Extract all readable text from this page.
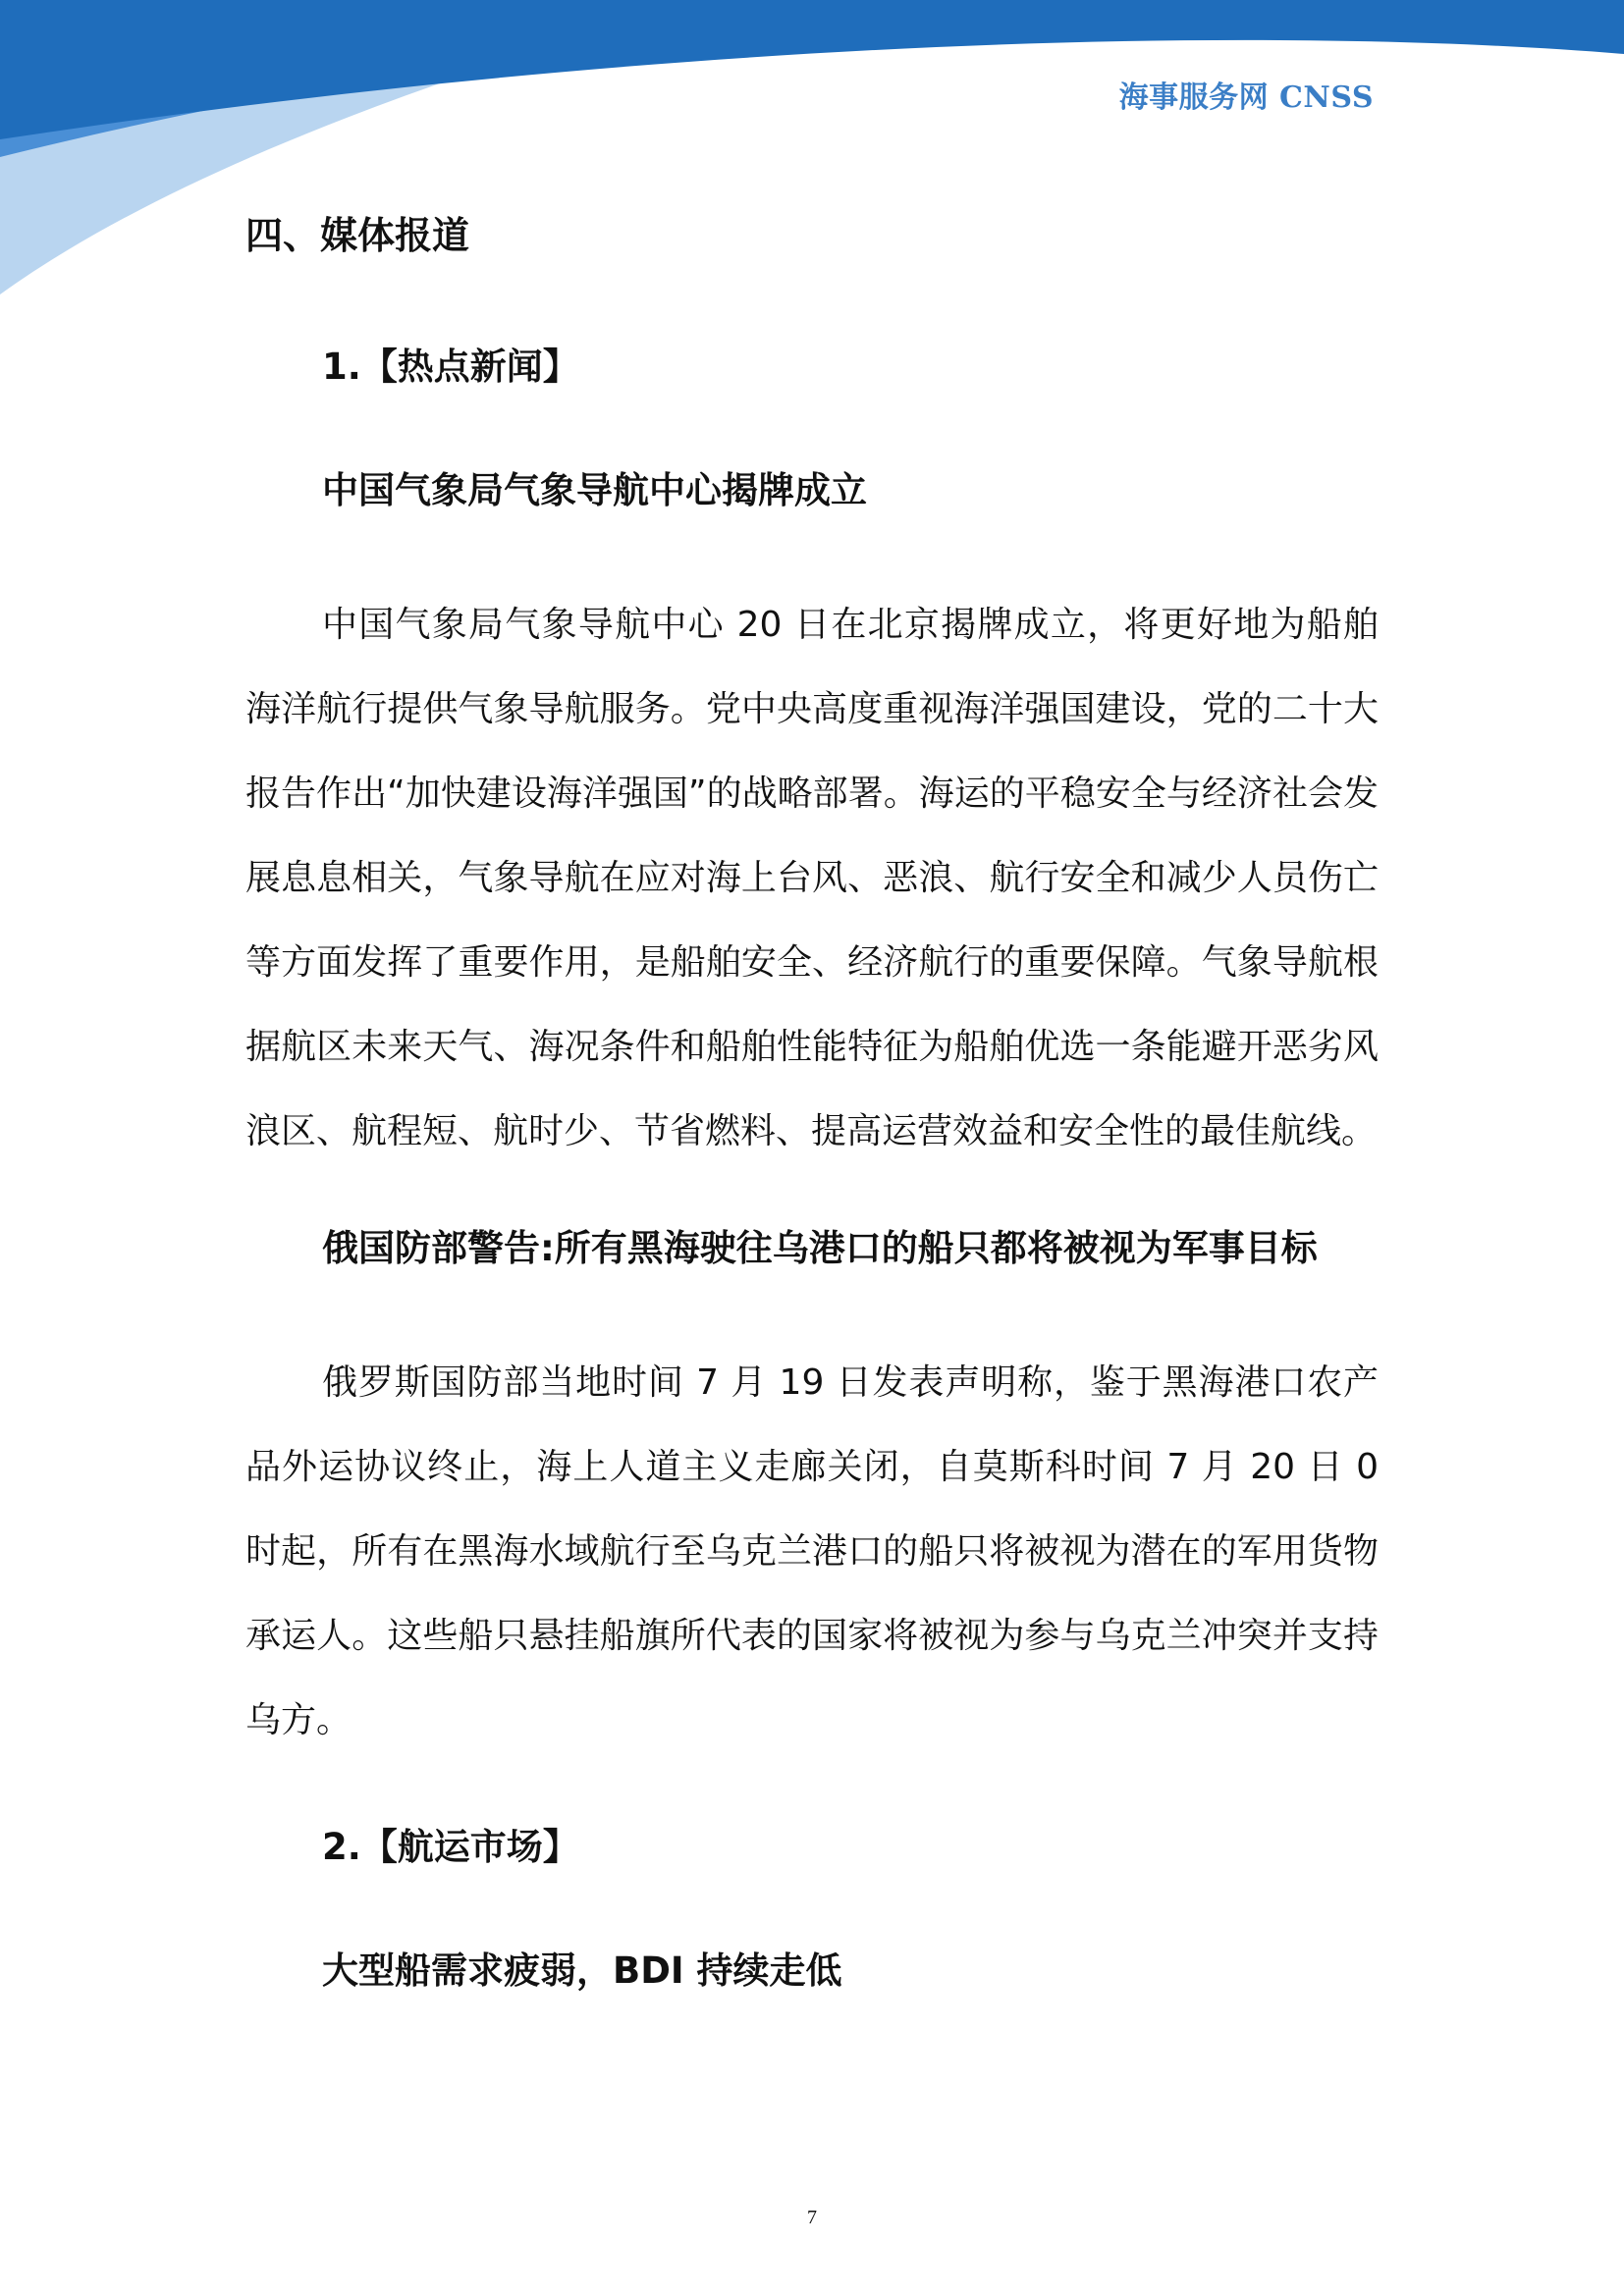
海事服务网 CNSS
四、媒体报道
1.【热点新闻】
中国气象局气象导航中心揭牌成立

中国气象局气象导航中心 20 日在北京揭牌成立，将更好地为船舶海洋航行提供气象导航服务。党中央高度重视海洋强国建设，党的二十大报告作出“加快建设海洋强国”的战略部署。海运的平稳安全与经济社会发展息息相关，气象导航在应对海上台风、恶浪、航行安全和减少人员伤亡等方面发挥了重要作用，是船舶安全、经济航行的重要保障。气象导航根据航区未来天气、海况条件和船舶性能特征为船舶优选一条能避开恶劣风浪区、航程短、航时少、节省燃料、提高运营效益和安全性的最佳航线。

俄国防部警告:所有黑海驶往乌港口的船只都将被视为军事目标

俄罗斯国防部当地时间 7 月 19 日发表声明称，鉴于黑海港口农产品外运协议终止，海上人道主义走廊关闭，自莫斯科时间 7 月 20 日 0 时起，所有在黑海水域航行至乌克兰港口的船只将被视为潜在的军用货物承运人。这些船只悬挂船旗所代表的国家将被视为参与乌克兰冲突并支持乌方。

2.【航运市场】
大型船需求疲弱，BDI 持续走低
7
